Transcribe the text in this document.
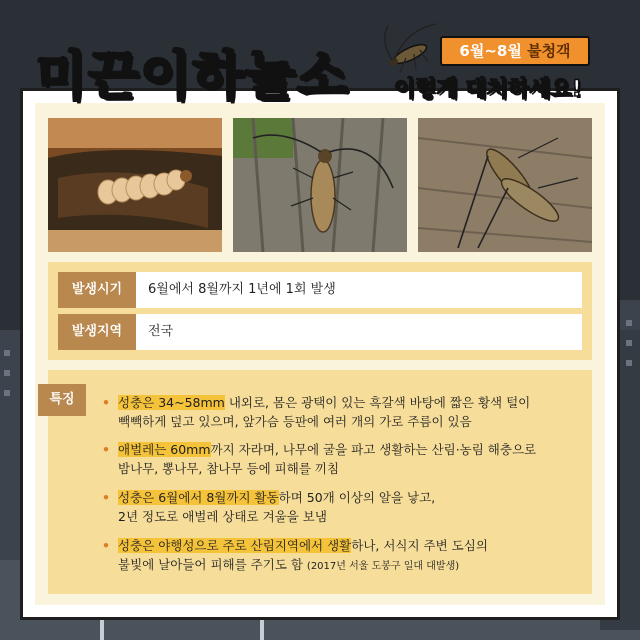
미끈이하늘소 이렇게 대처하세요!
6월~8월 불청객
발생시기	6월에서 8월까지 1년에 1회 발생
발생지역	전국
특징	• 성충은 34~58mm 내외로, 몸은 광택이 있는 흑갈색 바탕에 짧은 황색 털이
빽빽하게 덮고 있으며, 앞가슴 등판에 여러 개의 가로 주름이 있음
• 애벌레는 60mm까지 자라며, 나무에 굴을 파고 생활하는 산림·농림 해충으로
밤나무, 뽕나무, 참나무 등에 피해를 끼침
• 성충은 6월에서 8월까지 활동하며 50개 이상의 알을 낳고,
2년 정도로 애벌레 상태로 겨울을 보냄
• 성충은 야행성으로 주로 산림지역에서 생활하나, 서식지 주변 도심의
불빛에 날아들어 피해를 주기도 함 (2017년 서울 도봉구 일대 대발생)
